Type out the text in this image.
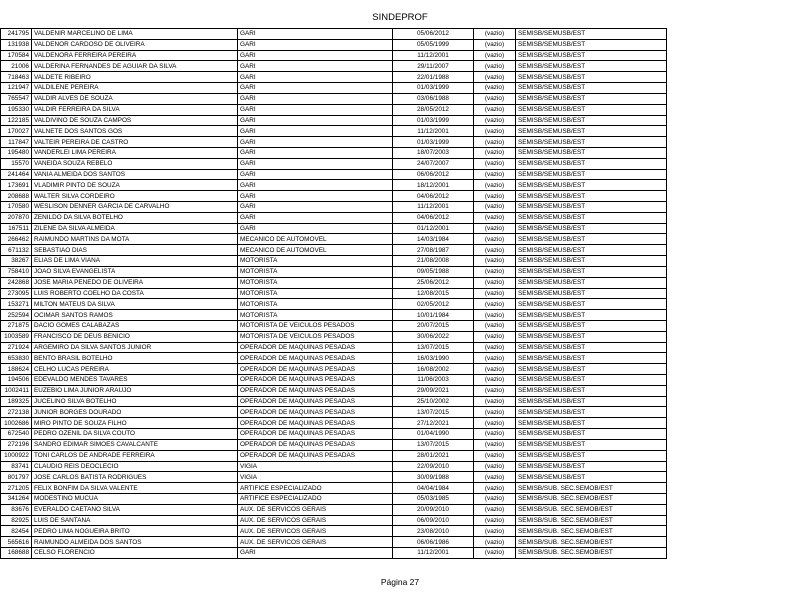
SINDEPROF
241795	VALDENIR MARCELINO DE LIMA	GARI	05/06/2012	(vazio)	SEMISB/SEMUSB/EST
131938	VALDENOR CARDOSO DE OLIVEIRA	GARI	05/05/1999	(vazio)	SEMISB/SEMUSB/EST
170584	VALDENORA FERREIRA PEREIRA	GARI	11/12/2001	(vazio)	SEMISB/SEMUSB/EST
21006	VALDERINA FERNANDES DE AGUIAR DA SILVA	GARI	29/11/2007	(vazio)	SEMISB/SEMUSB/EST
718463	VALDETE RIBEIRO	GARI	22/01/1988	(vazio)	SEMISB/SEMUSB/EST
121947	VALDILENE PEREIRA	GARI	01/03/1999	(vazio)	SEMISB/SEMUSB/EST
765547	VALDIR ALVES DE SOUZA	GARI	03/06/1988	(vazio)	SEMISB/SEMUSB/EST
195330	VALDIR FERREIRA DA SILVA	GARI	28/05/2012	(vazio)	SEMISB/SEMUSB/EST
122185	VALDIVINO DE SOUZA CAMPOS	GARI	01/03/1999	(vazio)	SEMISB/SEMUSB/EST
170027	VALNETE DOS SANTOS GOS	GARI	11/12/2001	(vazio)	SEMISB/SEMUSB/EST
117847	VALTEIR PEREIRA DE CASTRO	GARI	01/03/1999	(vazio)	SEMISB/SEMUSB/EST
195480	VANDERLEI LIMA PEREIRA	GARI	18/07/2003	(vazio)	SEMISB/SEMUSB/EST
15570	VANEIDA SOUZA REBELO	GARI	24/07/2007	(vazio)	SEMISB/SEMUSB/EST
241464	VANIA ALMEIDA DOS SANTOS	GARI	06/06/2012	(vazio)	SEMISB/SEMUSB/EST
173691	VLADIMIR PINTO DE SOUZA	GARI	18/12/2001	(vazio)	SEMISB/SEMUSB/EST
208688	WALTER SILVA CORDEIRO	GARI	04/06/2012	(vazio)	SEMISB/SEMUSB/EST
170580	WESLISON DENNER GARCIA DE CARVALHO	GARI	11/12/2001	(vazio)	SEMISB/SEMUSB/EST
207870	ZENILDO DA SILVA BOTELHO	GARI	04/06/2012	(vazio)	SEMISB/SEMUSB/EST
167511	ZILENE DA SILVA ALMEIDA	GARI	01/12/2001	(vazio)	SEMISB/SEMUSB/EST
266462	RAIMUNDO MARTINS DA MOTA	MECANICO DE AUTOMOVEL	14/03/1984	(vazio)	SEMISB/SEMUSB/EST
671132	SEBASTIAO DIAS	MECANICO DE AUTOMOVEL	27/08/1987	(vazio)	SEMISB/SEMUSB/EST
38267	ELIAS DE LIMA VIANA	MOTORISTA	21/08/2008	(vazio)	SEMISB/SEMUSB/EST
758410	JOAO SILVA EVANGELISTA	MOTORISTA	09/05/1988	(vazio)	SEMISB/SEMUSB/EST
242868	JOSE MARIA PENEDO DE OLIVEIRA	MOTORISTA	25/06/2012	(vazio)	SEMISB/SEMUSB/EST
273095	LUIS ROBERTO COELHO DA COSTA	MOTORISTA	12/08/2015	(vazio)	SEMISB/SEMUSB/EST
153271	MILTON MATEUS DA SILVA	MOTORISTA	02/05/2012	(vazio)	SEMISB/SEMUSB/EST
252594	OCIMAR SANTOS RAMOS	MOTORISTA	10/01/1984	(vazio)	SEMISB/SEMUSB/EST
271875	DACIO GOMES CALABAZAS	MOTORISTA DE VEICULOS PESADOS	20/07/2015	(vazio)	SEMISB/SEMUSB/EST
1003589	FRANCISCO DE DEUS BENICIO	MOTORISTA DE VEICULOS PESADOS	30/06/2022	(vazio)	SEMISB/SEMUSB/EST
271924	ARGEMIRO DA SILVA SANTOS JUNIOR	OPERADOR DE MAQUINAS PESADAS	13/07/2015	(vazio)	SEMISB/SEMUSB/EST
653830	BENTO BRASIL BOTELHO	OPERADOR DE MAQUINAS PESADAS	16/03/1990	(vazio)	SEMISB/SEMUSB/EST
188624	CELHO LUCAS PEREIRA	OPERADOR DE MAQUINAS PESADAS	16/08/2002	(vazio)	SEMISB/SEMUSB/EST
194506	EDEVALDO MENDES TAVARES	OPERADOR DE MAQUINAS PESADAS	11/06/2003	(vazio)	SEMISB/SEMUSB/EST
1002411	EUZEBIO LIMA JUNIOR ARAUJO	OPERADOR DE MAQUINAS PESADAS	29/09/2021	(vazio)	SEMISB/SEMUSB/EST
189325	JUCELINO SILVA BOTELHO	OPERADOR DE MAQUINAS PESADAS	25/10/2002	(vazio)	SEMISB/SEMUSB/EST
272138	JUNIOR BORGES DOURADO	OPERADOR DE MAQUINAS PESADAS	13/07/2015	(vazio)	SEMISB/SEMUSB/EST
1002686	MIRO PINTO DE SOUZA FILHO	OPERADOR DE MAQUINAS PESADAS	27/12/2021	(vazio)	SEMISB/SEMUSB/EST
672540	PEDRO OZENIL DA SILVA COUTO	OPERADOR DE MAQUINAS PESADAS	01/04/1990	(vazio)	SEMISB/SEMUSB/EST
272196	SANDRO EDIMAR SIMOES CAVALCANTE	OPERADOR DE MAQUINAS PESADAS	13/07/2015	(vazio)	SEMISB/SEMUSB/EST
1000922	TONI CARLOS DE ANDRADE FERREIRA	OPERADOR DE MAQUINAS PESADAS	28/01/2021	(vazio)	SEMISB/SEMUSB/EST
83741	CLAUDIO REIS DEOCLECIO	VIGIA	22/09/2010	(vazio)	SEMISB/SEMUSB/EST
801797	JOSE CARLOS BATISTA RODRIGUES	VIGIA	30/09/1988	(vazio)	SEMISB/SEMUSB/EST
271205	FELIX BONFIM DA SILVA VALENTE	ARTIFICE ESPECIALIZADO	04/04/1984	(vazio)	SEMISB/SUB. SEC.SEMOB/EST
341264	MODESTINO MUCUA	ARTIFICE ESPECIALIZADO	05/03/1985	(vazio)	SEMISB/SUB. SEC.SEMOB/EST
83676	EVERALDO CAETANO SILVA	AUX. DE SERVICOS GERAIS	20/09/2010	(vazio)	SEMISB/SUB. SEC.SEMOB/EST
82925	LUIS DE SANTANA	AUX. DE SERVICOS GERAIS	06/09/2010	(vazio)	SEMISB/SUB. SEC.SEMOB/EST
82454	PEDRO LIMA NOGUEIRA BRITO	AUX. DE SERVICOS GERAIS	23/08/2010	(vazio)	SEMISB/SUB. SEC.SEMOB/EST
565616	RAIMUNDO ALMEIDA DOS SANTOS	AUX. DE SERVICOS GERAIS	06/06/1986	(vazio)	SEMISB/SUB. SEC.SEMOB/EST
168688	CELSO FLORENCIO	GARI	11/12/2001	(vazio)	SEMISB/SUB. SEC.SEMOB/EST
Página 27
